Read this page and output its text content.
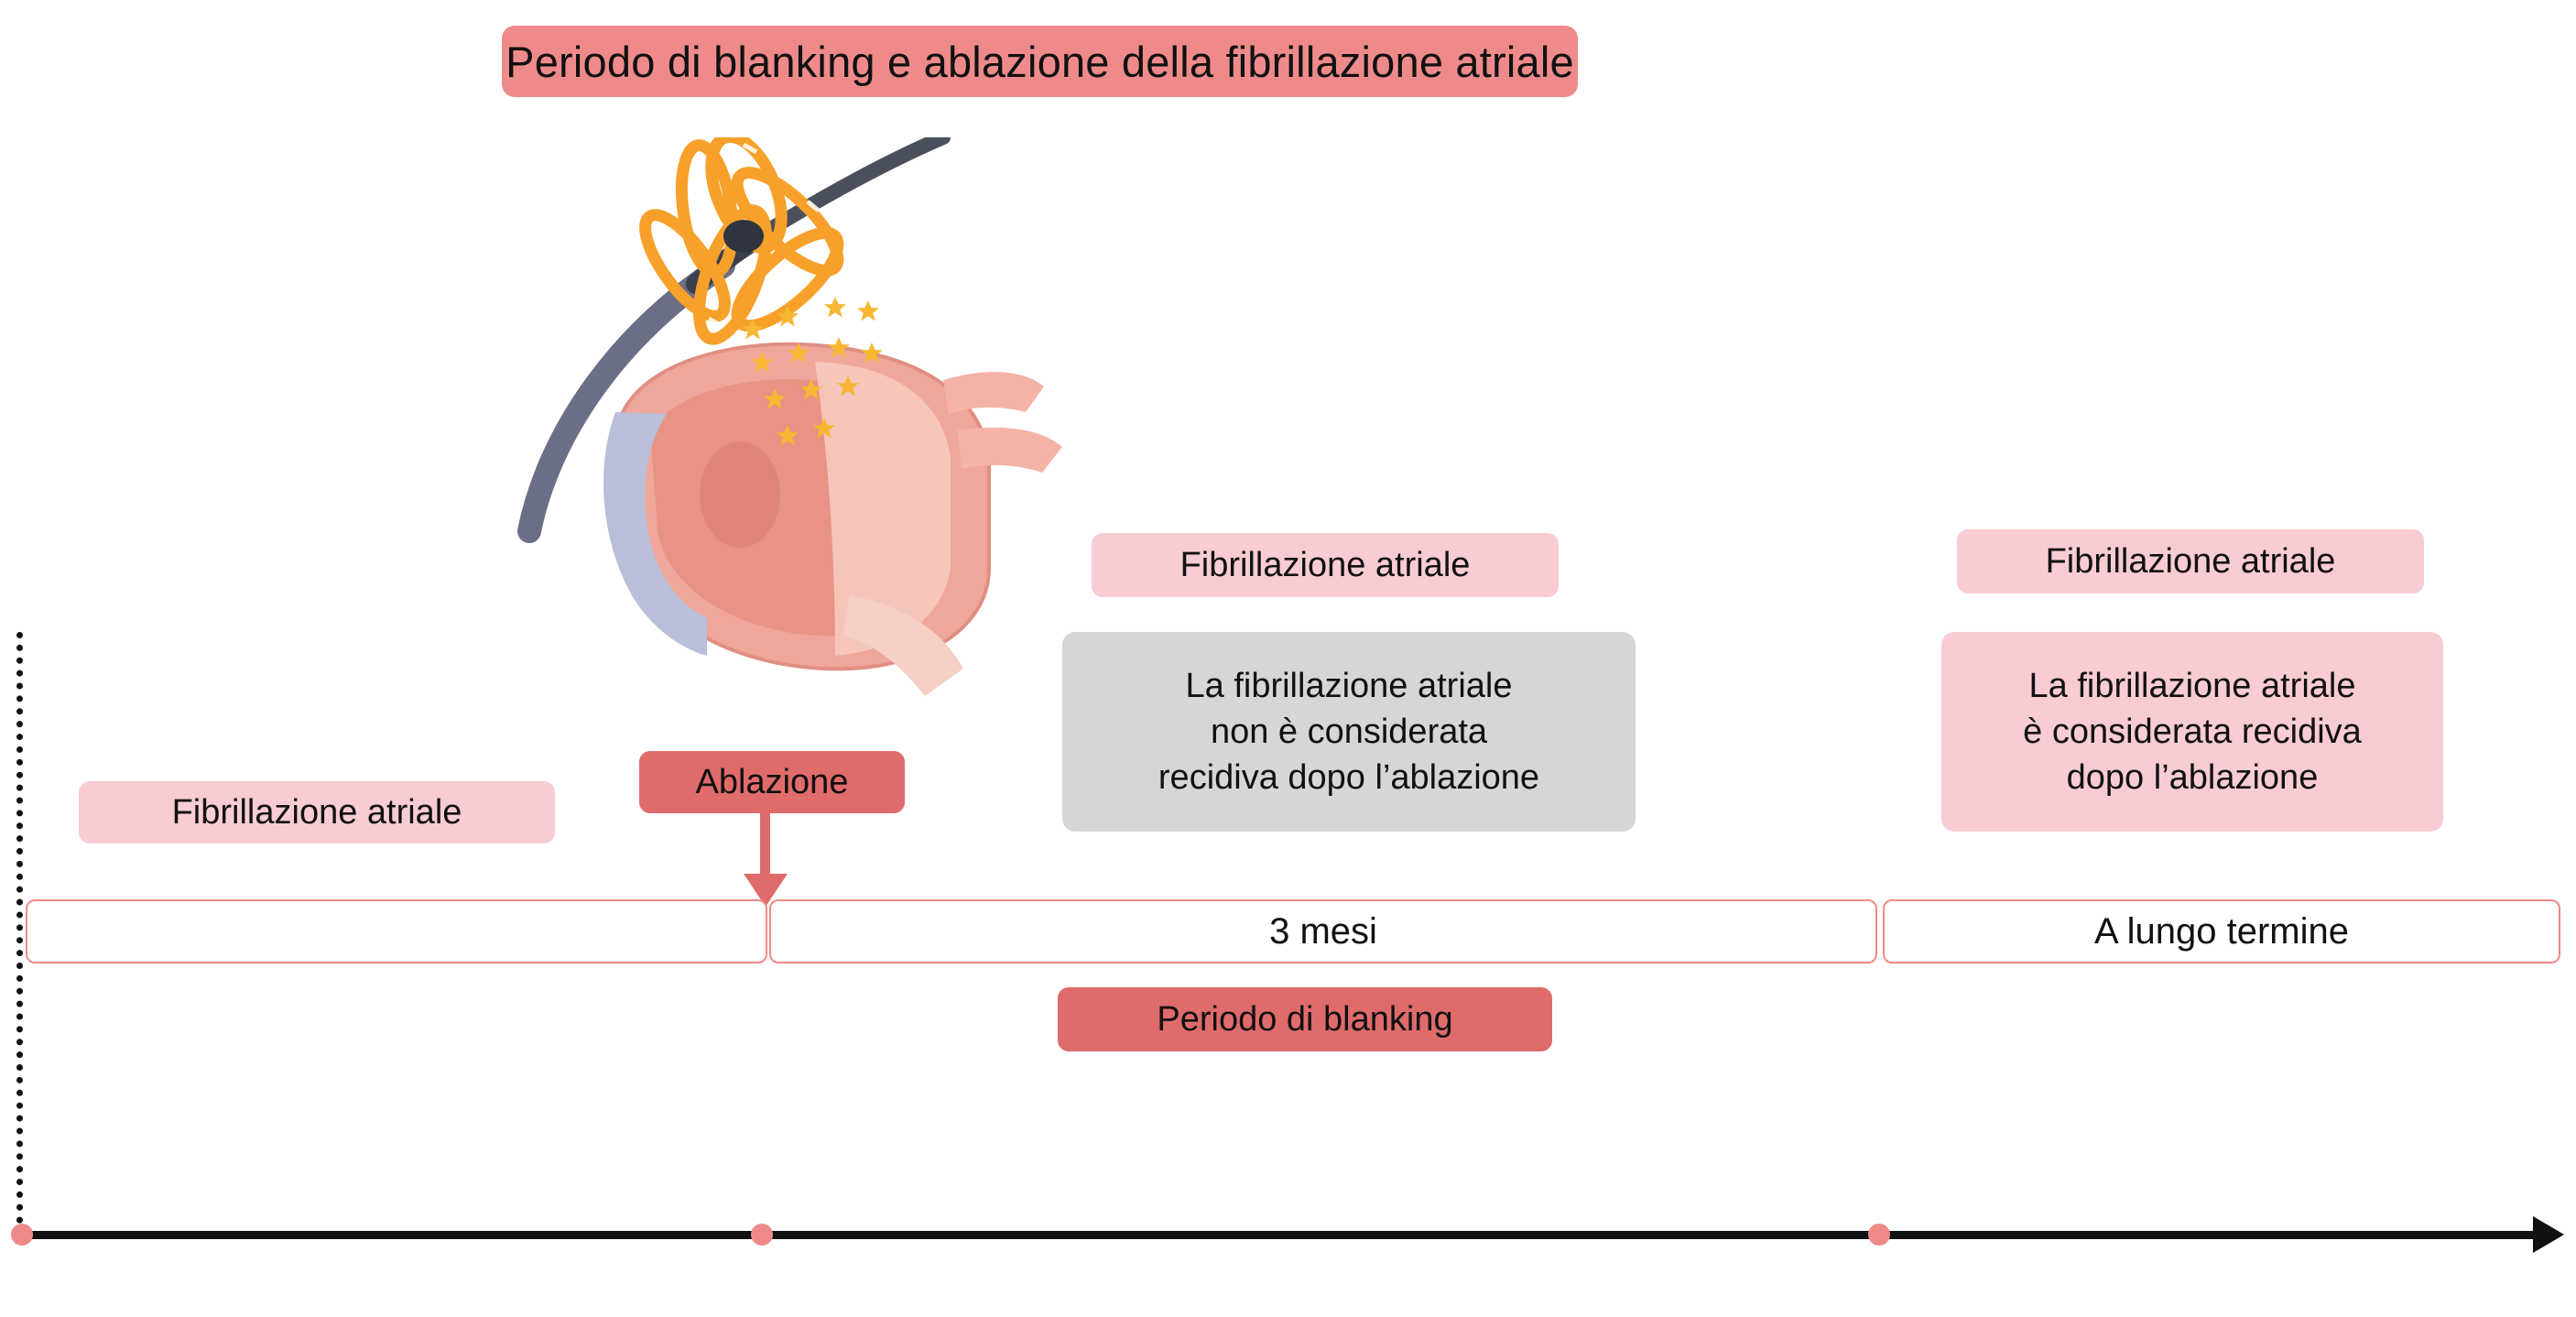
Periodo di blanking e ablazione della fibrillazione atriale
Fibrillazione atriale
Ablazione
Fibrillazione atriale	Fibrillazione atriale
La fibrillazione atriale
non è considerata
recidiva dopo l’ablazione
La fibrillazione atriale
è considerata recidiva
dopo l’ablazione
3 mesi	A lungo termine
Periodo di blanking
